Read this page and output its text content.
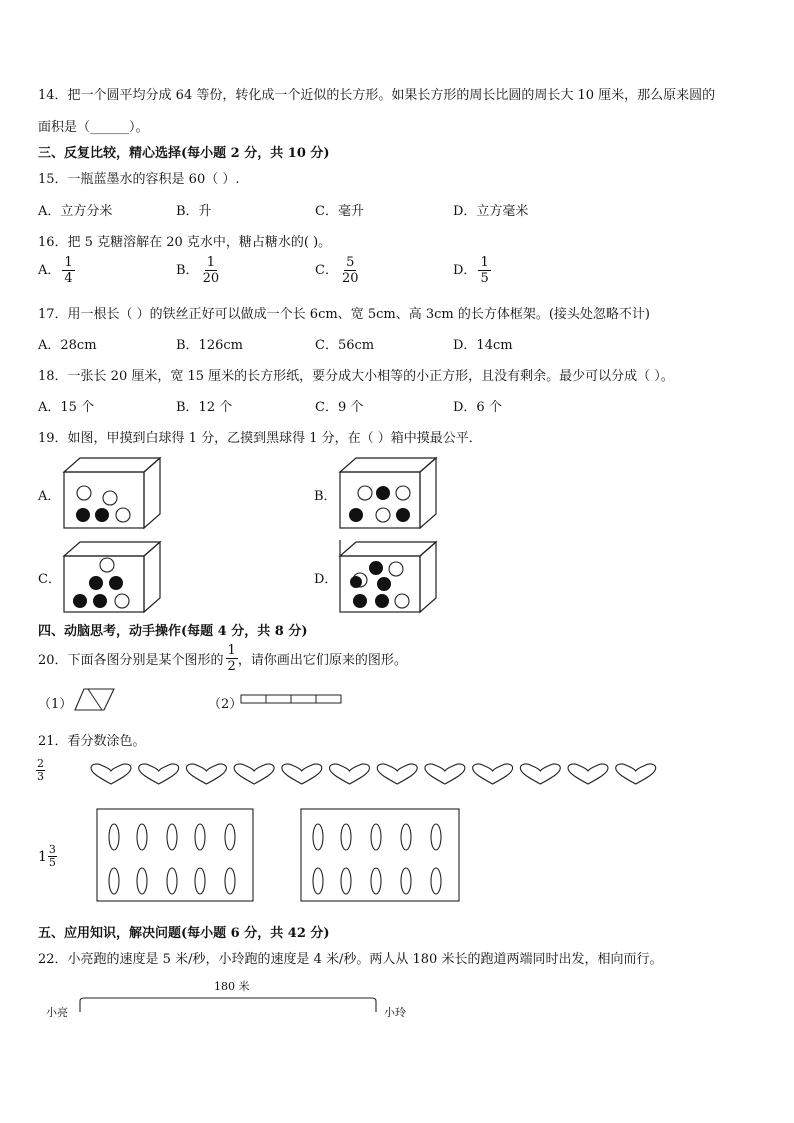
14．把一个圆平均分成 64 等份，转化成一个近似的长方形。如果长方形的周长比圆的周长大 10 厘米，那么原来圆的
面积是（______）。
三、反复比较，精心选择(每小题 2 分，共 10 分)
15．一瓶蓝墨水的容积是 60（ ）.
A．立方分米	B．升	C．毫升	D．立方毫米
16．把 5 克糖溶解在 20 克水中，糖占糖水的( )。
A． $\frac{1}{4}$	B． $\frac{1}{20}$	C． $\frac{5}{20}$	D． $\frac{1}{5}$
17．用一根长（ ）的铁丝正好可以做成一个长 6cm、宽 5cm、高 3cm 的长方体框架。(接头处忽略不计)
A．28cm	B．126cm	C．56cm	D．14cm
18．一张长 20 厘米，宽 15 厘米的长方形纸，要分成大小相等的小正方形，且没有剩余。最少可以分成（ ）。
A．15 个	B．12 个	C．9 个	D．6 个
19．如图，甲摸到白球得 1 分，乙摸到黑球得 1 分，在（ ）箱中摸最公平．
A．	B．
C．	D．
四、动脑思考，动手操作(每题 4 分，共 8 分)
20．下面各图分别是某个图形的 $\frac{1}{2}$ ，请你画出它们原来的图形。
（1）	（2）
21．看分数涂色。
$\frac{2}{3}$
$1 \frac{3}{5}$
五、应用知识，解决问题(每小题 6 分，共 42 分)
22．小亮跑的速度是 5 米/秒，小玲跑的速度是 4 米/秒。两人从 180 米长的跑道两端同时出发，相向而行。
180 米
小亮	小玲
